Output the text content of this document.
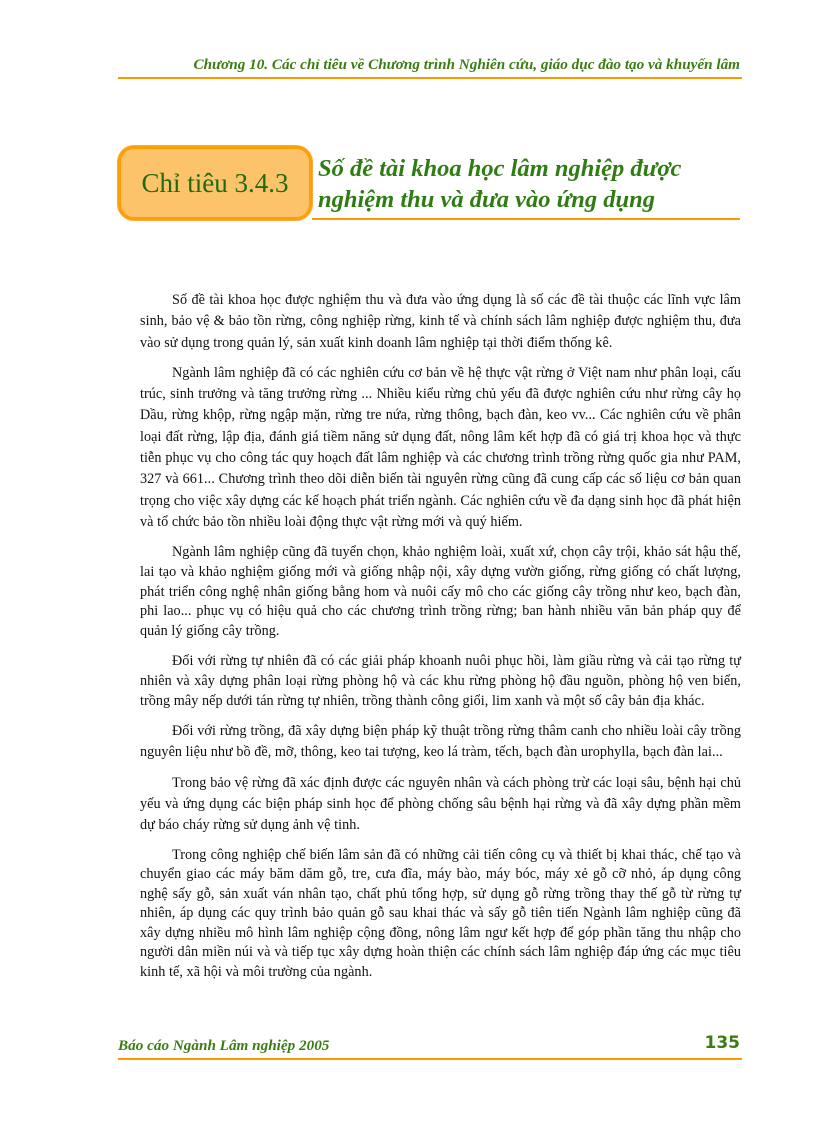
Chương 10. Các chỉ tiêu về Chương trình Nghiên cứu, giáo dục đào tạo và khuyến lâm
Chỉ tiêu 3.4.3 Số đề tài khoa học lâm nghiệp được
nghiệm thu và đưa vào ứng dụng

Số đề tài khoa học được nghiệm thu và đưa vào ứng dụng là số các đề tài thuộc các lĩnh vực lâm sinh, bảo vệ & bảo tồn rừng, công nghiệp rừng, kinh tế và chính sách lâm nghiệp được nghiệm thu, đưa vào sử dụng trong quản lý, sản xuất kinh doanh lâm nghiệp tại thời điểm thống kê.

Ngành lâm nghiệp đã có các nghiên cứu cơ bản về hệ thực vật rừng ở Việt nam như phân loại, cấu trúc, sinh trưởng và tăng trưởng rừng ... Nhiều kiểu rừng chủ yếu đã được nghiên cứu như rừng cây họ Dầu, rừng khộp, rừng ngập mặn, rừng tre nứa, rừng thông, bạch đàn, keo vv... Các nghiên cứu về phân loại đất rừng, lập địa, đánh giá tiềm năng sử dụng đất, nông lâm kết hợp đã có giá trị khoa học và thực tiễn phục vụ cho công tác quy hoạch đất lâm nghiệp và các chương trình trồng rừng quốc gia như PAM, 327 và 661... Chương trình theo dõi diễn biến tài nguyên rừng cũng đã cung cấp các số liệu cơ bản quan trọng cho việc xây dựng các kế hoạch phát triển ngành. Các nghiên cứu về đa dạng sinh học đã phát hiện và tổ chức bảo tồn nhiều loài động thực vật rừng mới và quý hiếm.

Ngành lâm nghiệp cũng đã tuyển chọn, khảo nghiệm loài, xuất xứ, chọn cây trội, khảo sát hậu thế, lai tạo và khảo nghiệm giống mới và giống nhập nội, xây dựng vườn giống, rừng giống có chất lượng, phát triển công nghệ nhân giống bằng hom và nuôi cấy mô cho các giống cây trồng như keo, bạch đàn, phi lao... phục vụ có hiệu quả cho các chương trình trồng rừng; ban hành nhiều văn bản pháp quy để quản lý giống cây trồng.

Đối với rừng tự nhiên đã có các giải pháp khoanh nuôi phục hồi, làm giầu rừng và cải tạo rừng tự nhiên và xây dựng phân loại rừng phòng hộ và các khu rừng phòng hộ đầu nguồn, phòng hộ ven biển, trồng mây nếp dưới tán rừng tự nhiên, trồng thành công giổi, lim xanh và một số cây bản địa khác.

Đối với rừng trồng, đã xây dựng biện pháp kỹ thuật trồng rừng thâm canh cho nhiều loài cây trồng nguyên liệu như bồ đề, mỡ, thông, keo tai tượng, keo lá tràm, tếch, bạch đàn urophylla, bạch đàn lai...

Trong bảo vệ rừng đã xác định được các nguyên nhân và cách phòng trừ các loại sâu, bệnh hại chủ yếu và ứng dụng các biện pháp sinh học để phòng chống sâu bệnh hại rừng và đã xây dựng phần mềm dự báo cháy rừng sử dụng ảnh vệ tinh.

Trong công nghiệp chế biến lâm sản đã có những cải tiến công cụ và thiết bị khai thác, chế tạo và chuyển giao các máy băm dăm gỗ, tre, cưa đĩa, máy bào, máy bóc, máy xẻ gỗ cỡ nhỏ, áp dụng công nghệ sấy gỗ, sản xuất ván nhân tạo, chất phủ tổng hợp, sử dụng gỗ rừng trồng thay thế gỗ từ rừng tự nhiên, áp dụng các quy trình bảo quản gỗ sau khai thác và sấy gỗ tiên tiến Ngành lâm nghiệp cũng đã xây dựng nhiều mô hình lâm nghiệp cộng đồng, nông lâm ngư kết hợp để góp phần tăng thu nhập cho người dân miền núi và và tiếp tục xây dựng hoàn thiện các chính sách lâm nghiệp đáp ứng các mục tiêu kinh tế, xã hội và môi trường của ngành.

Báo cáo Ngành Lâm nghiệp 2005	135
